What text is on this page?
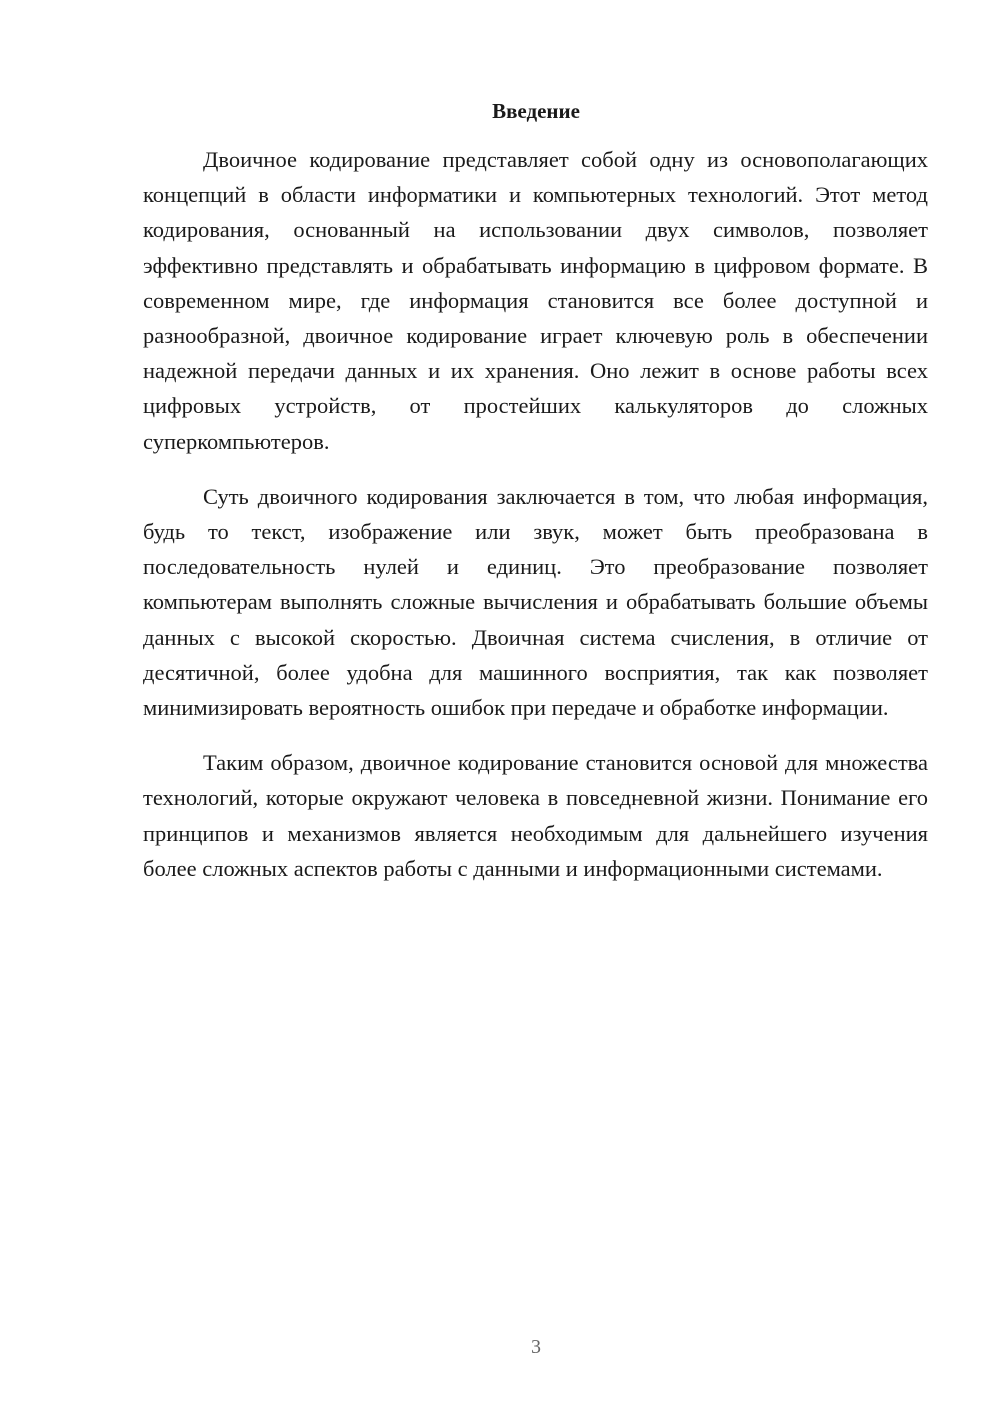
Введение

Двоичное кодирование представляет собой одну из основополагающих концепций в области информатики и компьютерных технологий. Этот метод кодирования, основанный на использовании двух символов, позволяет эффективно представлять и обрабатывать информацию в цифровом формате. В современном мире, где информация становится все более доступной и разнообразной, двоичное кодирование играет ключевую роль в обеспечении надежной передачи данных и их хранения. Оно лежит в основе работы всех цифровых устройств, от простейших калькуляторов до сложных суперкомпьютеров.

Суть двоичного кодирования заключается в том, что любая информация, будь то текст, изображение или звук, может быть преобразована в последовательность нулей и единиц. Это преобразование позволяет компьютерам выполнять сложные вычисления и обрабатывать большие объемы данных с высокой скоростью. Двоичная система счисления, в отличие от десятичной, более удобна для машинного восприятия, так как позволяет минимизировать вероятность ошибок при передаче и обработке информации.

Таким образом, двоичное кодирование становится основой для множества технологий, которые окружают человека в повседневной жизни. Понимание его принципов и механизмов является необходимым для дальнейшего изучения более сложных аспектов работы с данными и информационными системами.

3
